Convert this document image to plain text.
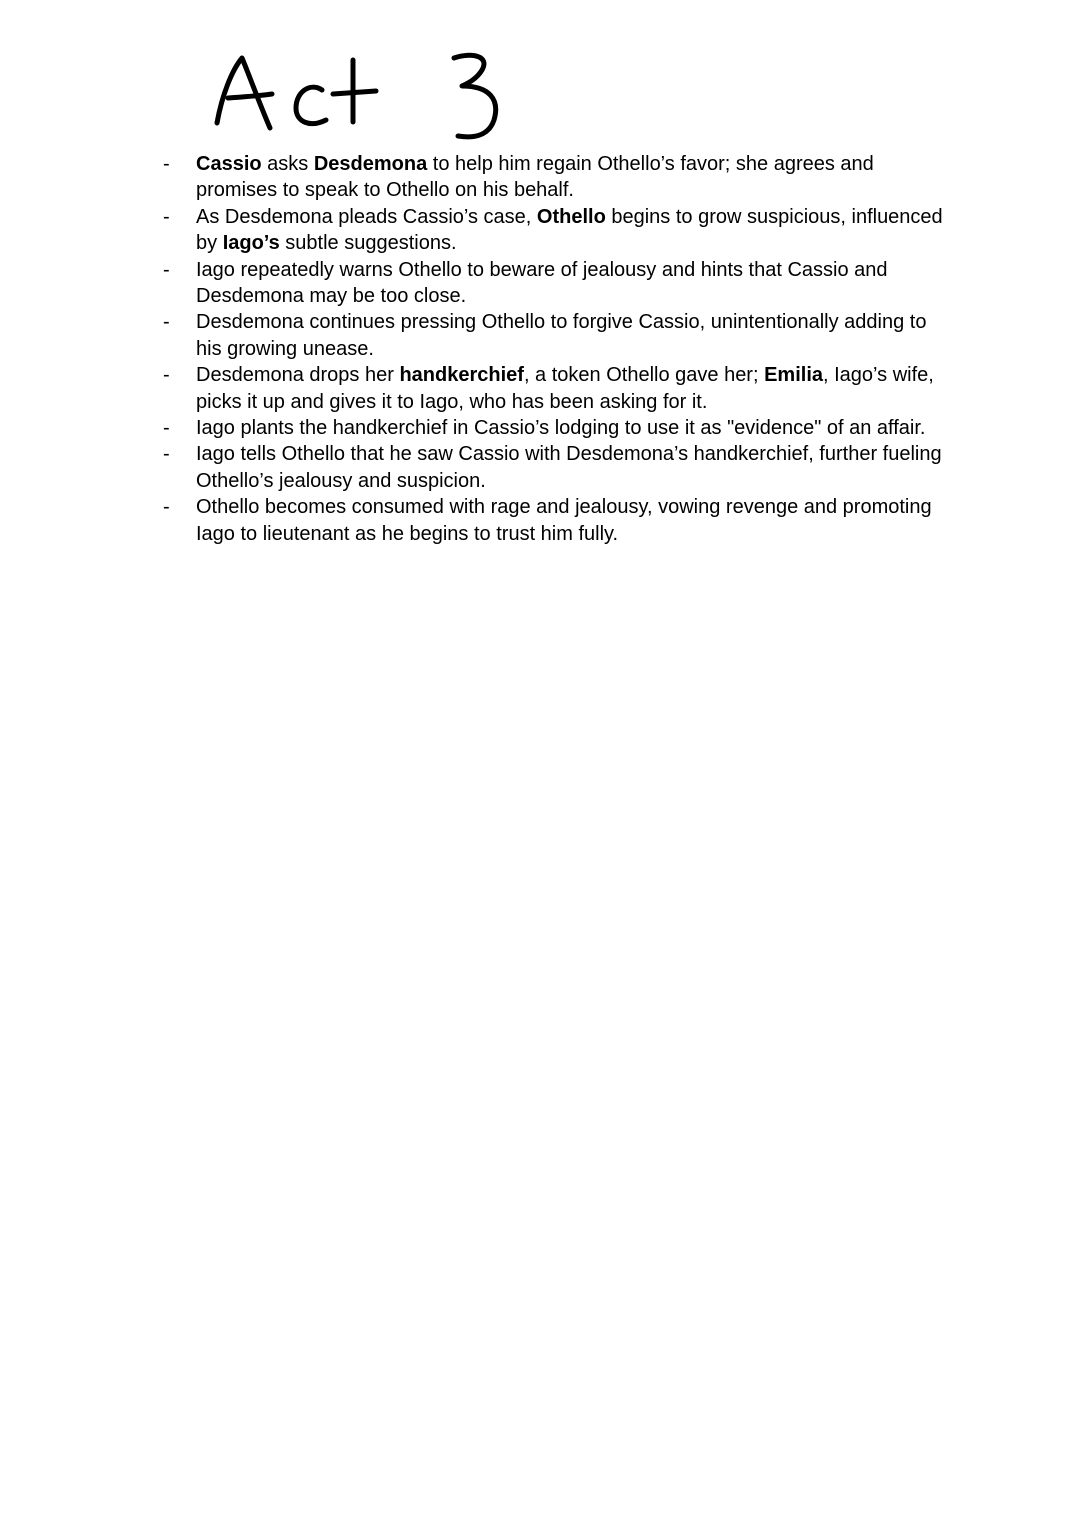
- Cassio asks Desdemona to help him regain Othello’s favor; she agrees and promises to speak to Othello on his behalf.
- As Desdemona pleads Cassio’s case, Othello begins to grow suspicious, influenced by Iago’s subtle suggestions.
- Iago repeatedly warns Othello to beware of jealousy and hints that Cassio and Desdemona may be too close.
- Desdemona continues pressing Othello to forgive Cassio, unintentionally adding to his growing unease.
- Desdemona drops her handkerchief, a token Othello gave her; Emilia, Iago’s wife, picks it up and gives it to Iago, who has been asking for it.
- Iago plants the handkerchief in Cassio’s lodging to use it as "evidence" of an affair.
- Iago tells Othello that he saw Cassio with Desdemona’s handkerchief, further fueling Othello’s jealousy and suspicion.
- Othello becomes consumed with rage and jealousy, vowing revenge and promoting Iago to lieutenant as he begins to trust him fully.
